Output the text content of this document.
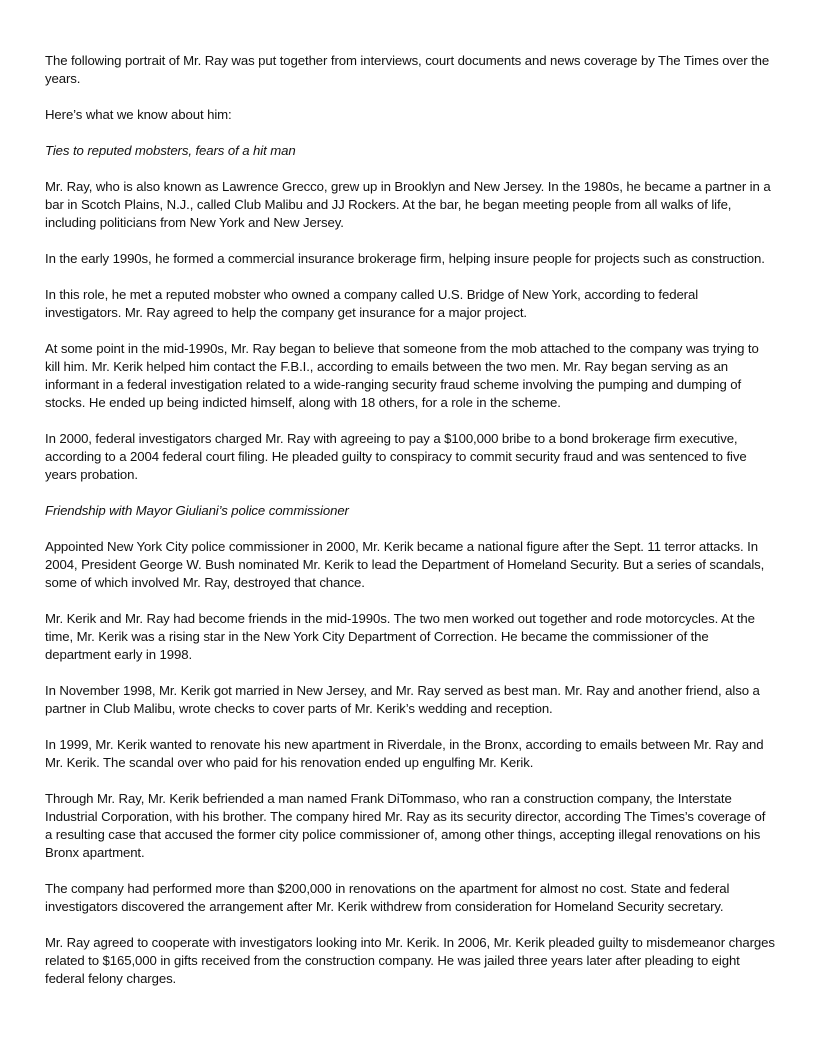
The following portrait of Mr. Ray was put together from interviews, court documents and news coverage by The Times over the years.

Here’s what we know about him:

Ties to reputed mobsters, fears of a hit man

Mr. Ray, who is also known as Lawrence Grecco, grew up in Brooklyn and New Jersey. In the 1980s, he became a partner in a bar in Scotch Plains, N.J., called Club Malibu and JJ Rockers. At the bar, he began meeting people from all walks of life, including politicians from New York and New Jersey.

In the early 1990s, he formed a commercial insurance brokerage firm, helping insure people for projects such as construction.

In this role, he met a reputed mobster who owned a company called U.S. Bridge of New York, according to federal investigators. Mr. Ray agreed to help the company get insurance for a major project.

At some point in the mid-1990s, Mr. Ray began to believe that someone from the mob attached to the company was trying to kill him. Mr. Kerik helped him contact the F.B.I., according to emails between the two men. Mr. Ray began serving as an informant in a federal investigation related to a wide-ranging security fraud scheme involving the pumping and dumping of stocks. He ended up being indicted himself, along with 18 others, for a role in the scheme.

In 2000, federal investigators charged Mr. Ray with agreeing to pay a $100,000 bribe to a bond brokerage firm executive, according to a 2004 federal court filing. He pleaded guilty to conspiracy to commit security fraud and was sentenced to five years probation.

Friendship with Mayor Giuliani’s police commissioner

Appointed New York City police commissioner in 2000, Mr. Kerik became a national figure after the Sept. 11 terror attacks. In 2004, President George W. Bush nominated Mr. Kerik to lead the Department of Homeland Security. But a series of scandals, some of which involved Mr. Ray, destroyed that chance.

Mr. Kerik and Mr. Ray had become friends in the mid-1990s. The two men worked out together and rode motorcycles. At the time, Mr. Kerik was a rising star in the New York City Department of Correction. He became the commissioner of the department early in 1998.

In November 1998, Mr. Kerik got married in New Jersey, and Mr. Ray served as best man. Mr. Ray and another friend, also a partner in Club Malibu, wrote checks to cover parts of Mr. Kerik’s wedding and reception.

In 1999, Mr. Kerik wanted to renovate his new apartment in Riverdale, in the Bronx, according to emails between Mr. Ray and Mr. Kerik. The scandal over who paid for his renovation ended up engulfing Mr. Kerik.

Through Mr. Ray, Mr. Kerik befriended a man named Frank DiTommaso, who ran a construction company, the Interstate Industrial Corporation, with his brother. The company hired Mr. Ray as its security director, according The Times’s coverage of a resulting case that accused the former city police commissioner of, among other things, accepting illegal renovations on his Bronx apartment.

The company had performed more than $200,000 in renovations on the apartment for almost no cost. State and federal investigators discovered the arrangement after Mr. Kerik withdrew from consideration for Homeland Security secretary.

Mr. Ray agreed to cooperate with investigators looking into Mr. Kerik. In 2006, Mr. Kerik pleaded guilty to misdemeanor charges related to $165,000 in gifts received from the construction company. He was jailed three years later after pleading to eight federal felony charges.
